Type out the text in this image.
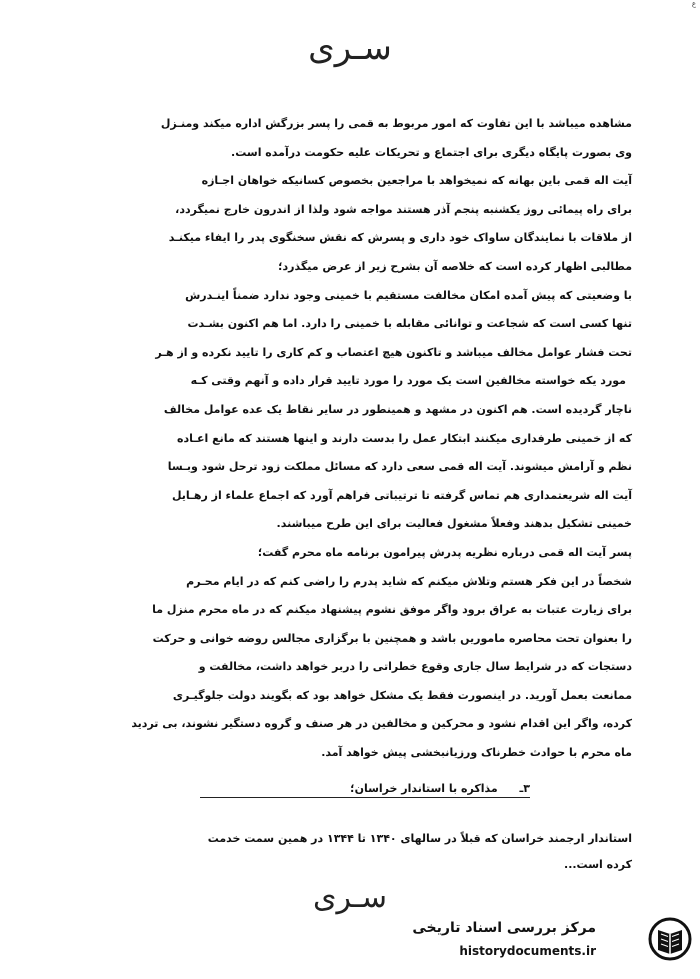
ع
سـرى

مشاهده میباشد با این تفاوت که امور مربوط به قمی را پسر بزرگش اداره میکند ومنـزل

وی بصورت پایگاه دیگری برای اجتماع و تحریکات علیه حکومت درآمده است.

آیت اله قمی باین بهانه که نمیخواهد با مراجعین بخصوص کسانیکه خواهان اجـازه

برای راه پیمائی روز یکشنبه پنجم آذر هستند مواجه شود ولذا از اندرون خارج نمیگردد،

از ملاقات با نمایندگان ساواک خود داری و پسرش که نقش سخنگوی پدر را ایفاء میکنـد

مطالبی اظهار کرده است که خلاصه آن بشرح زیر از عرض میگذرد؛

با وضعیتی که پیش آمده امکان مخالفت مستقیم با خمینی وجود ندارد ضمناً اینـدرش

تنها کسی است که شجاعت و توانائی مقابله با خمینی را دارد. اما هم اکنون بشـدت

تحت فشار عوامل مخالف میباشد و تاکنون هیچ اعتصاب و کم کاری را تایید نکرده و از هـر

مورد یکه خواسته مخالفین است یک مورد را مورد تایید قرار داده و آنهم وقتی کـه

ناچار گردیده است. هم اکنون در مشهد و همینطور در سایر نقاط یک عده عوامل مخالف

که از خمینی طرفداری میکنند ابتکار عمل را بدست دارند و اینها هستند که مانع اعـاده

نظم و آرامش میشوند. آیت اله قمی سعی دارد که مسائل مملکت زود ترحل شود وبـسا

آیت اله شریعتمداری هم تماس گرفته تا ترتیباتی فراهم آورد که اجماع علماء از رهـایل

خمینی تشکیل بدهند وفعلاً مشغول فعالیت برای این طرح میباشند.

پسر آیت اله قمی درباره نظریه پدرش پیرامون برنامه ماه محرم گفت؛

شخصاً در این فکر هستم وتلاش میکنم که شاید پدرم را راضی کنم که در ایام محـرم

برای زیارت عتبات به عراق برود واگر موفق نشوم پیشنهاد میکنم که در ماه محرم منزل ما

را بعنوان تحت محاصره ماموریں باشد و همچنین با برگزاری مجالس روضه خوانی و حرکت

دستجات که در شرایط سال جاری وقوع خطراتی را دربر خواهد داشت، مخالفت و

ممانعت بعمل آورید. در اینصورت فقط یک مشکل خواهد بود که بگویند دولت جلوگیـری

کرده، واگر این اقدام نشود و محرکین و مخالفین در هر صنف و گروه دستگیر نشوند، بی تردید

ماه محرم با حوادث خطرناک ورزیانبخشی پیش خواهد آمد.

۳ـ مذاکره با استاندار خراسان؛

استاندار ارجمند خراسان که قبلاً در سالهای ۱۳۴۰ تا ۱۳۴۴ در همین سمت خدمت

کرده است...

سـرى
مرکز بررسی اسناد تاریخی
historydocuments.ir
